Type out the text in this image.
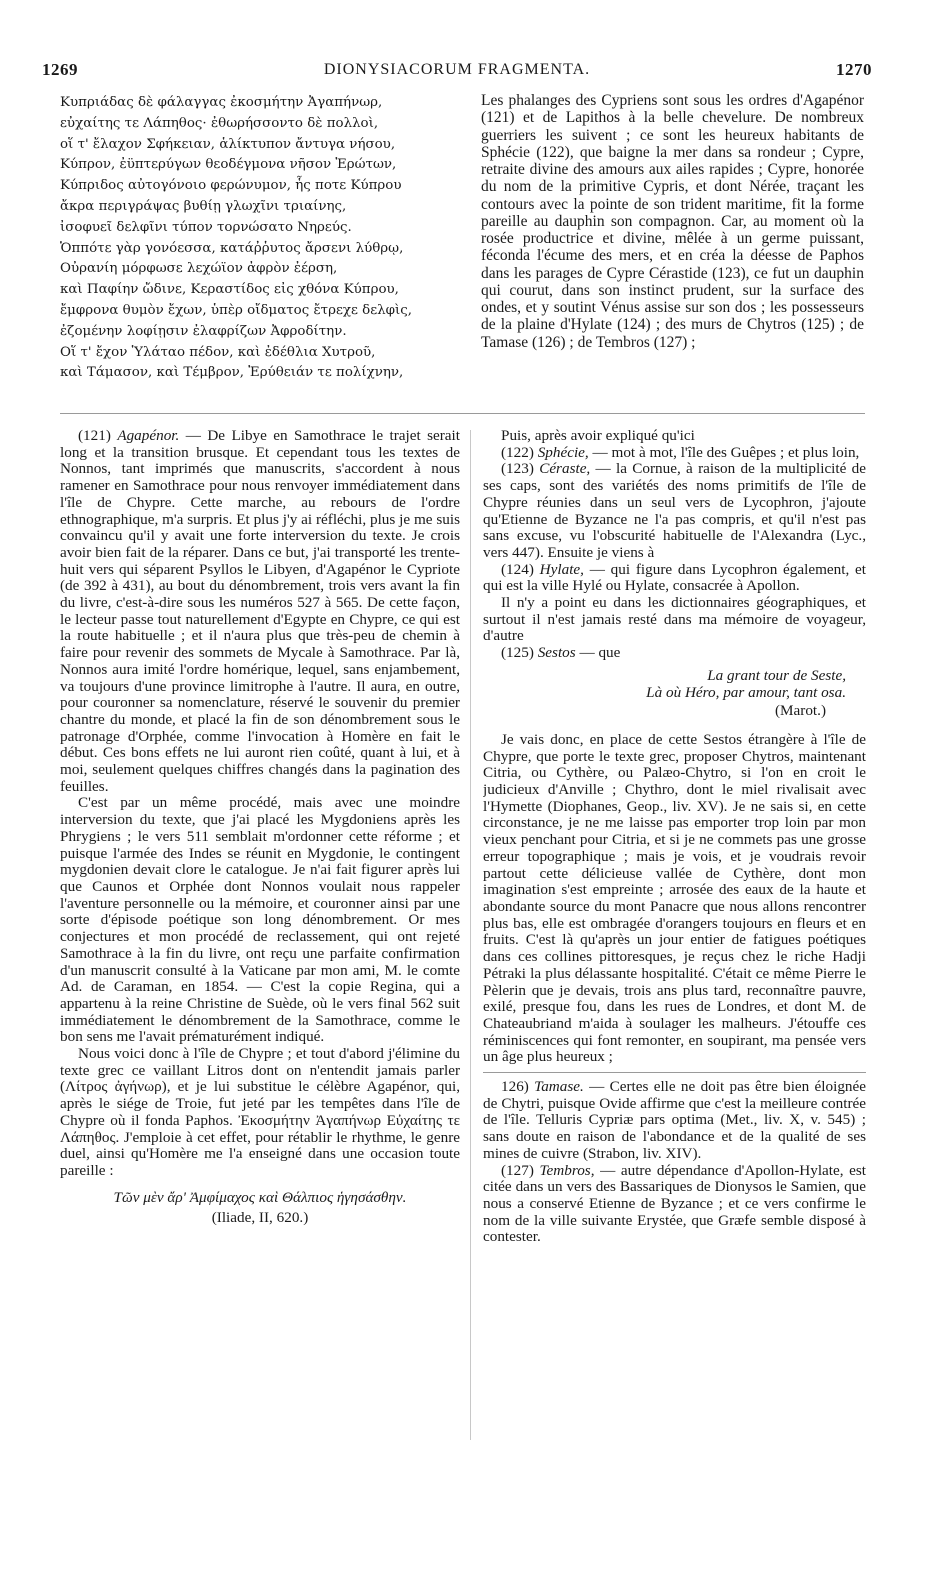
1269	DIONYSIACORUM FRAGMENTA.	1270
Κυπριάδας δὲ φάλαγγας ἐκοσμήτην Ἀγαπήνωρ,
εὐχαίτης τε Λάπηθος· ἐθωρήσσοντο δὲ πολλοὶ,
οἵ τ' ἔλαχον Σφήκειαν, ἁλίκτυπον ἄντυγα νήσου,
Κύπρον, ἐϋπτερύγων θεοδέγμονα νῆσον Ἐρώτων,
Κύπριδος αὐτογόνοιο φερώνυμον, ἧς ποτε Κύπρου
ἄκρα περιγράψας βυθίῃ γλωχῖνι τριαίνης,
ἰσοφυεῖ δελφῖνι τύπον τορνώσατο Νηρεύς.
Ὁππότε γὰρ γονόεσσα, κατάῤῥυτος ἄρσενι λύθρῳ,
Οὐρανίη μόρφωσε λεχώϊον ἀφρὸν ἐέρση,
καὶ Παφίην ὤδινε, Κεραστίδος εἰς χθόνα Κύπρου,
ἔμφρονα θυμὸν ἔχων, ὑπὲρ οἴδματος ἔτρεχε δελφὶς,
ἐζομένην λοφίῃσιν ἐλαφρίζων Ἀφροδίτην.
Οἵ τ' ἔχον Ὑλάταο πέδον, καὶ ἐδέθλια Χυτροῦ,
καὶ Τάμασον, καὶ Τέμβρον, Ἐρύθειάν τε πολίχνην,

Les phalanges des Cypriens sont sous les ordres d'Agapénor (121) et de Lapithos à la belle chevelure. De nombreux guerriers les suivent ; ce sont les heureux habitants de Sphécie (122), que baigne la mer dans sa rondeur ; Cypre, retraite divine des amours aux ailes rapides ; Cypre, honorée du nom de la primitive Cypris, et dont Nérée, traçant les contours avec la pointe de son trident maritime, fit la forme pareille au dauphin son compagnon. Car, au moment où la rosée productrice et divine, mêlée à un germe puissant, féconda l'écume des mers, et en créa la déesse de Paphos dans les parages de Cypre Cérastide (123), ce fut un dauphin qui courut, dans son instinct prudent, sur la surface des ondes, et y soutint Vénus assise sur son dos ; les possesseurs de la plaine d'Hylate (124) ; des murs de Chytros (125) ; de Tamase (126) ; de Tembros (127) ;

(121) Agapénor. — De Libye en Samothrace le trajet serait long et la transition brusque. Et cependant tous les textes de Nonnos, tant imprimés que manuscrits, s'accordent à nous ramener en Samothrace pour nous renvoyer immédiatement dans l'île de Chypre. Cette marche, au rebours de l'ordre ethnographique, m'a surpris. Et plus j'y ai réfléchi, plus je me suis convaincu qu'il y avait une forte interversion du texte. Je crois avoir bien fait de la réparer. Dans ce but, j'ai transporté les trente-huit vers qui séparent Psyllos le Libyen, d'Agapénor le Cypriote (de 392 à 431), au bout du dénombrement, trois vers avant la fin du livre, c'est-à-dire sous les numéros 527 à 565. De cette façon, le lecteur passe tout naturellement d'Egypte en Chypre, ce qui est la route habituelle ; et il n'aura plus que très-peu de chemin à faire pour revenir des sommets de Mycale à Samothrace. Par là, Nonnos aura imité l'ordre homérique, lequel, sans enjambement, va toujours d'une province limitrophe à l'autre. Il aura, en outre, pour couronner sa nomenclature, réservé le souvenir du premier chantre du monde, et placé la fin de son dénombrement sous le patronage d'Orphée, comme l'invocation à Homère en fait le début. Ces bons effets ne lui auront rien coûté, quant à lui, et à moi, seulement quelques chiffres changés dans la pagination des feuilles.

C'est par un même procédé, mais avec une moindre interversion du texte, que j'ai placé les Mygdoniens après les Phrygiens ; le vers 511 semblait m'ordonner cette réforme ; et puisque l'armée des Indes se réunit en Mygdonie, le contingent mygdonien devait clore le catalogue. Je n'ai fait figurer après lui que Caunos et Orphée dont Nonnos voulait nous rappeler l'aventure personnelle ou la mémoire, et couronner ainsi par une sorte d'épisode poétique son long dénombrement. Or mes conjectures et mon procédé de reclassement, qui ont rejeté Samothrace à la fin du livre, ont reçu une parfaite confirmation d'un manuscrit consulté à la Vaticane par mon ami, M. le comte Ad. de Caraman, en 1854. — C'est la copie Regina, qui a appartenu à la reine Christine de Suède, où le vers final 562 suit immédiatement le dénombrement de la Samothrace, comme le bon sens me l'avait prématurément indiqué.

Nous voici donc à l'île de Chypre ; et tout d'abord j'élimine du texte grec ce vaillant Litros dont on n'entendit jamais parler (Λίτρος ἀγήνωρ), et je lui substitue le célèbre Agapénor, qui, après le siége de Troie, fut jeté par les tempêtes dans l'île de Chypre où il fonda Paphos. Ἐκοσμήτην Ἀγαπήνωρ Εὐχαίτης τε Λάπηθος. J'emploie à cet effet, pour rétablir le rhythme, le genre duel, ainsi qu'Homère me l'a enseigné dans une occasion toute pareille :

Τῶν μὲν ἄρ' Ἀμφίμαχος καὶ Θάλπιος ἡγησάσθην.
(Iliade, II, 620.)

Puis, après avoir expliqué qu'ici

(122) Sphécie, — mot à mot, l'île des Guêpes ; et plus loin,

(123) Céraste, — la Cornue, à raison de la multiplicité de ses caps, sont des variétés des noms primitifs de l'île de Chypre réunies dans un seul vers de Lycophron, j'ajoute qu'Etienne de Byzance ne l'a pas compris, et qu'il n'est pas sans excuse, vu l'obscurité habituelle de l'Alexandra (Lyc., vers 447). Ensuite je viens à

(124) Hylate, — qui figure dans Lycophron également, et qui est la ville Hylé ou Hylate, consacrée à Apollon.

Il n'y a point eu dans les dictionnaires géographiques, et surtout il n'est jamais resté dans ma mémoire de voyageur, d'autre

(125) Sestos — que

La grant tour de Seste,

Là où Héro, par amour, tant osa.

(Marot.)

Je vais donc, en place de cette Sestos étrangère à l'île de Chypre, que porte le texte grec, proposer Chytros, maintenant Citria, ou Cythère, ou Palæo-Chytro, si l'on en croit le judicieux d'Anville ; Chythro, dont le miel rivalisait avec l'Hymette (Diophanes, Geop., liv. XV). Je ne sais si, en cette circonstance, je ne me laisse pas emporter trop loin par mon vieux penchant pour Citria, et si je ne commets pas une grosse erreur topographique ; mais je vois, et je voudrais revoir partout cette délicieuse vallée de Cythère, dont mon imagination s'est empreinte ; arrosée des eaux de la haute et abondante source du mont Panacre que nous allons rencontrer plus bas, elle est ombragée d'orangers toujours en fleurs et en fruits. C'est là qu'après un jour entier de fatigues poétiques dans ces collines pittoresques, je reçus chez le riche Hadji Pétraki la plus délassante hospitalité. C'était ce même Pierre le Pèlerin que je devais, trois ans plus tard, reconnaître pauvre, exilé, presque fou, dans les rues de Londres, et dont M. de Chateaubriand m'aida à soulager les malheurs. J'étouffe ces réminiscences qui font remonter, en soupirant, ma pensée vers un âge plus heureux ;

126) Tamase. — Certes elle ne doit pas être bien éloignée de Chytri, puisque Ovide affirme que c'est la meilleure contrée de l'île. Telluris Cypriæ pars optima (Met., liv. X, v. 545) ; sans doute en raison de l'abondance et de la qualité de ses mines de cuivre (Strabon, liv. XIV).

(127) Tembros, — autre dépendance d'Apollon-Hylate, est citée dans un vers des Bassariques de Dionysos le Samien, que nous a conservé Etienne de Byzance ; et ce vers confirme le nom de la ville suivante Erystée, que Græfe semble disposé à contester.
